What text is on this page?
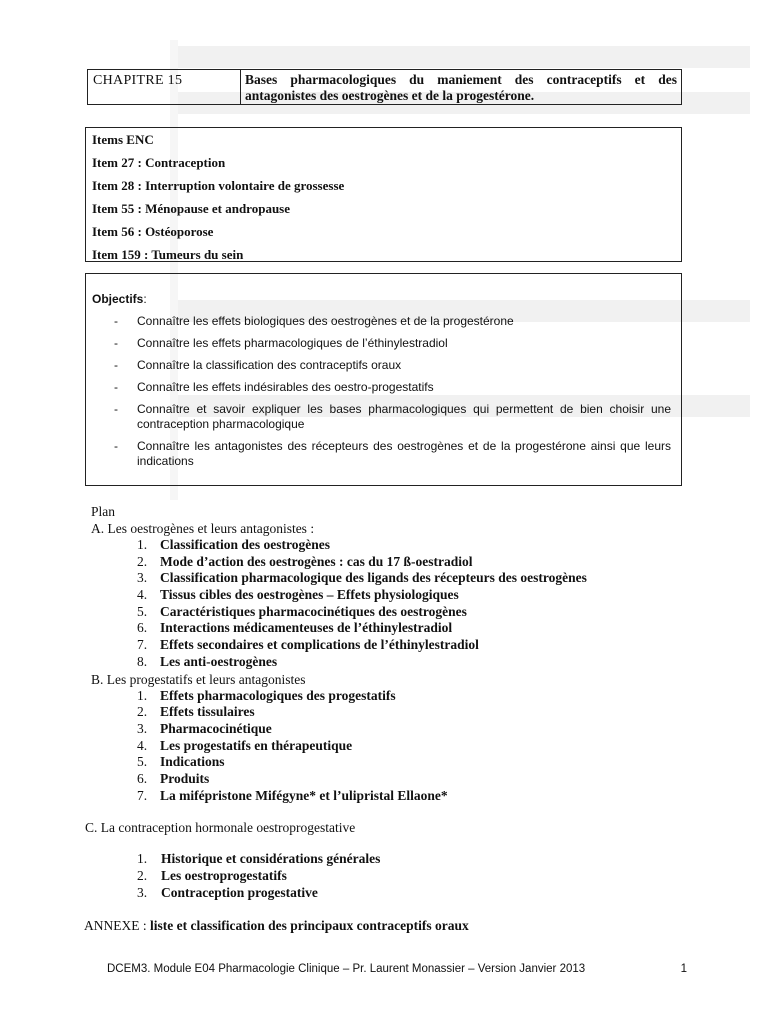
CHAPITRE 15	Bases pharmacologiques du maniement des contraceptifs et des antagonistes des oestrogènes et de la progestérone.
Items ENC
Item 27 : Contraception
Item 28 : Interruption volontaire de grossesse
Item 55 : Ménopause et andropause
Item 56 : Ostéoporose
Item 159 : Tumeurs du sein
Objectifs:
- Connaître les effets biologiques des oestrogènes et de la progestérone
- Connaître les effets pharmacologiques de l’éthinylestradiol
- Connaître la classification des contraceptifs oraux
- Connaître les effets indésirables des oestro-progestatifs
- Connaître et savoir expliquer les bases pharmacologiques qui permettent de bien choisir une contraception pharmacologique
- Connaître les antagonistes des récepteurs des oestrogènes et de la progestérone ainsi que leurs indications
Plan
A. Les oestrogènes et leurs antagonistes :
1. Classification des oestrogènes
2. Mode d’action des oestrogènes : cas du 17 ß-oestradiol
3. Classification pharmacologique des ligands des récepteurs des oestrogènes
4. Tissus cibles des oestrogènes – Effets physiologiques
5. Caractéristiques pharmacocinétiques des oestrogènes
6. Interactions médicamenteuses de l’éthinylestradiol
7. Effets secondaires et complications de l’éthinylestradiol
8. Les anti-oestrogènes
B. Les progestatifs et leurs antagonistes
1. Effets pharmacologiques des progestatifs
2. Effets tissulaires
3. Pharmacocinétique
4. Les progestatifs en thérapeutique
5. Indications
6. Produits
7. La mifépristone Mifégyne* et l’ulipristal Ellaone*
C. La contraception hormonale oestroprogestative
1. Historique et considérations générales
2. Les oestroprogestatifs
3. Contraception progestative
ANNEXE : liste et classification des principaux contraceptifs oraux
DCEM3. Module E04 Pharmacologie Clinique – Pr. Laurent Monassier – Version Janvier 2013	1
